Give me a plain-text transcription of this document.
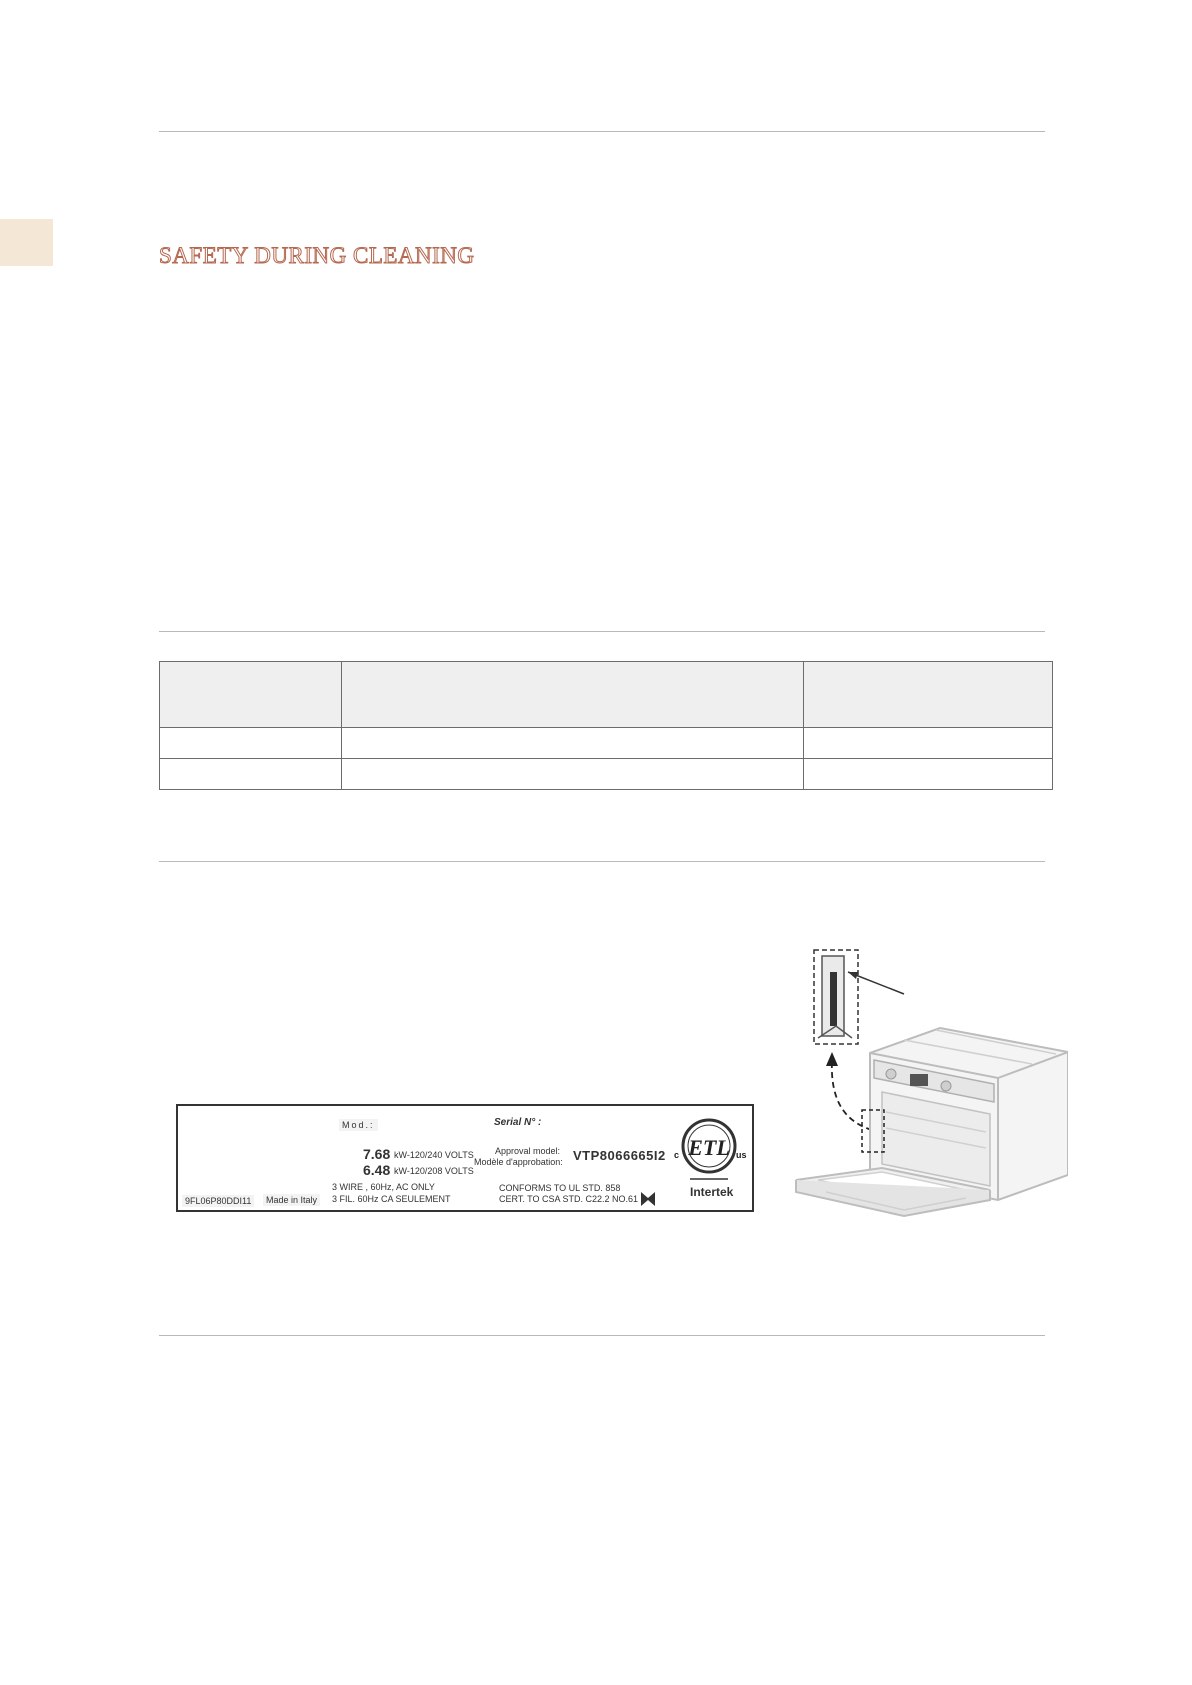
SAFETY DURING CLEANING

Mod.:	Serial N° :
7.68 kW-120/240 VOLTS
6.48 kW-120/208 VOLTS
Approval model:
Modèle d'approbation: VTP8066665I2
3 WIRE , 60Hz, AC ONLY
3 FIL. 60Hz CA SEULEMENT
CONFORMS TO UL STD. 858
CERT. TO CSA STD. C22.2 NO.61
9FL06P80DDI11	Made in Italy
ETL
c	us
Intertek
